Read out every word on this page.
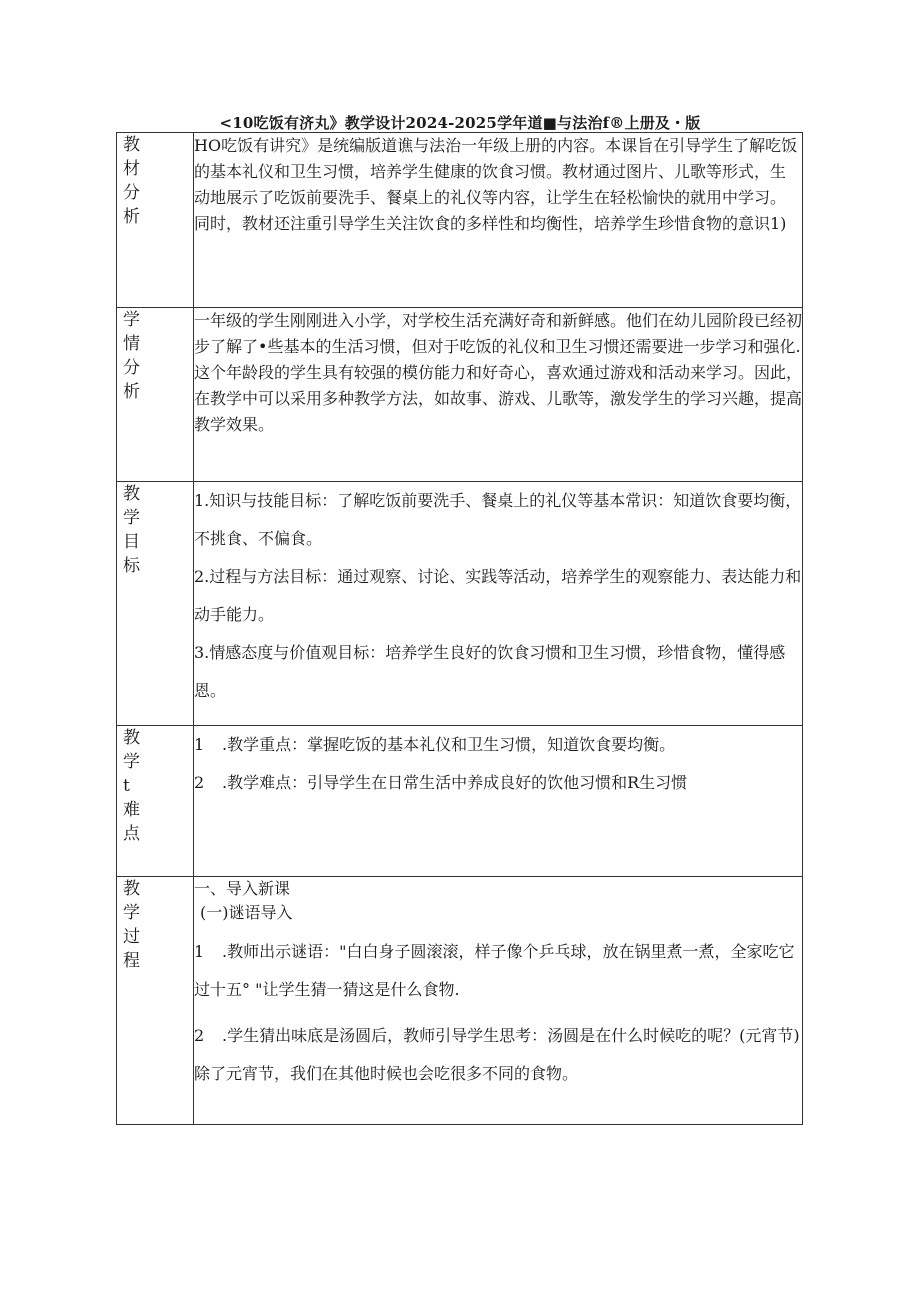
<10吃饭有济丸》教学设计2024-2025学年道■与法治f®上册及・版
教材分析	HO吃饭有讲究》是统编版道谯与法治一年级上册的内容。本课旨在引导学生了解吃饭的基本礼仪和卫生习惯，培养学生健康的饮食习惯。教材通过图片、儿歌等形式，生动地展示了吃饭前要洗手、餐桌上的礼仪等内容，让学生在轻松愉快的就用中学习。同时，教材还注重引导学生关注饮食的多样性和均衡性，培养学生珍惜食物的意识1)

学情分析	一年级的学生刚刚进入小学，对学校生活充满好奇和新鲜感。他们在幼儿园阶段已经初步了解了•些基本的生活习惯，但对于吃饭的礼仪和卫生习惯还需要进一步学习和强化.这个年龄段的学生具有较强的模仿能力和好奇心，喜欢通过游戏和活动来学习。因此，在教学中可以采用多种教学方法，如故事、游戏、儿歌等，激发学生的学习兴趣，提高教学效果。

教学目标	1.知识与技能目标：了解吃饭前要洗手、餐桌上的礼仪等基本常识：知道饮食要均衡，不挑食、不偏食。

2.过程与方法目标：通过观察、讨论、实践等活动，培养学生的观察能力、表达能力和动手能力。

3.情感态度与价值观目标：培养学生良好的饮食习惯和卫生习惯，珍惜食物，懂得感恩。

教学t难点	1 .教学重点：掌握吃饭的基本礼仪和卫生习惯，知道饮食要均衡。

2 .教学难点：引导学生在日常生活中养成良好的饮他习惯和R生习惯

教学过程	一、导入新课

(一)谜语导入

1 .教师出示谜语："白白身子圆滚滚，样子像个乒乓球，放在锅里煮一煮，全家吃它过十五° "让学生猜一猜这是什么食物.

2 .学生猜出味底是汤圆后，教师引导学生思考：汤圆是在什么时候吃的呢？(元宵节)除了元宵节，我们在其他时候也会吃很多不同的食物。
